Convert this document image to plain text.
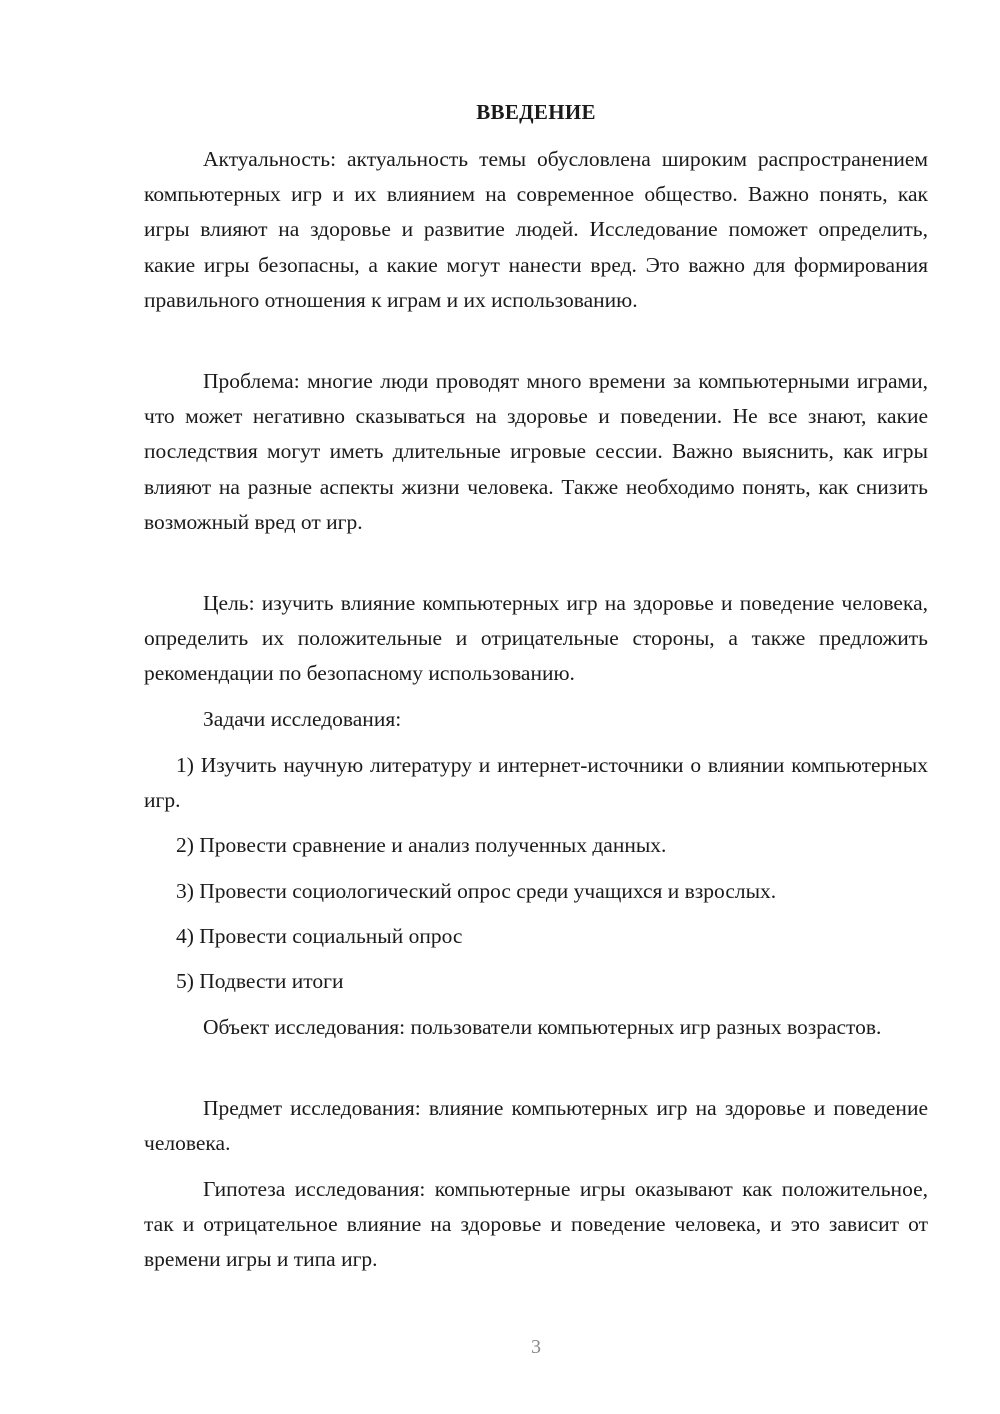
ВВЕДЕНИЕ

Актуальность: актуальность темы обусловлена широким распространением компьютерных игр и их влиянием на современное общество. Важно понять, как игры влияют на здоровье и развитие людей. Исследование поможет определить, какие игры безопасны, а какие могут нанести вред. Это важно для формирования правильного отношения к играм и их использованию.

Проблема: многие люди проводят много времени за компьютерными играми, что может негативно сказываться на здоровье и поведении. Не все знают, какие последствия могут иметь длительные игровые сессии. Важно выяснить, как игры влияют на разные аспекты жизни человека. Также необходимо понять, как снизить возможный вред от игр.

Цель: изучить влияние компьютерных игр на здоровье и поведение человека, определить их положительные и отрицательные стороны, а также предложить рекомендации по безопасному использованию.

Задачи исследования:

1) Изучить научную литературу и интернет-источники о влиянии компьютерных игр.

2) Провести сравнение и анализ полученных данных.

3) Провести социологический опрос среди учащихся и взрослых.

4) Провести социальный опрос

5) Подвести итоги

Объект исследования: пользователи компьютерных игр разных возрастов.

Предмет исследования: влияние компьютерных игр на здоровье и поведение человека.

Гипотеза исследования: компьютерные игры оказывают как положительное, так и отрицательное влияние на здоровье и поведение человека, и это зависит от времени игры и типа игр.

3
